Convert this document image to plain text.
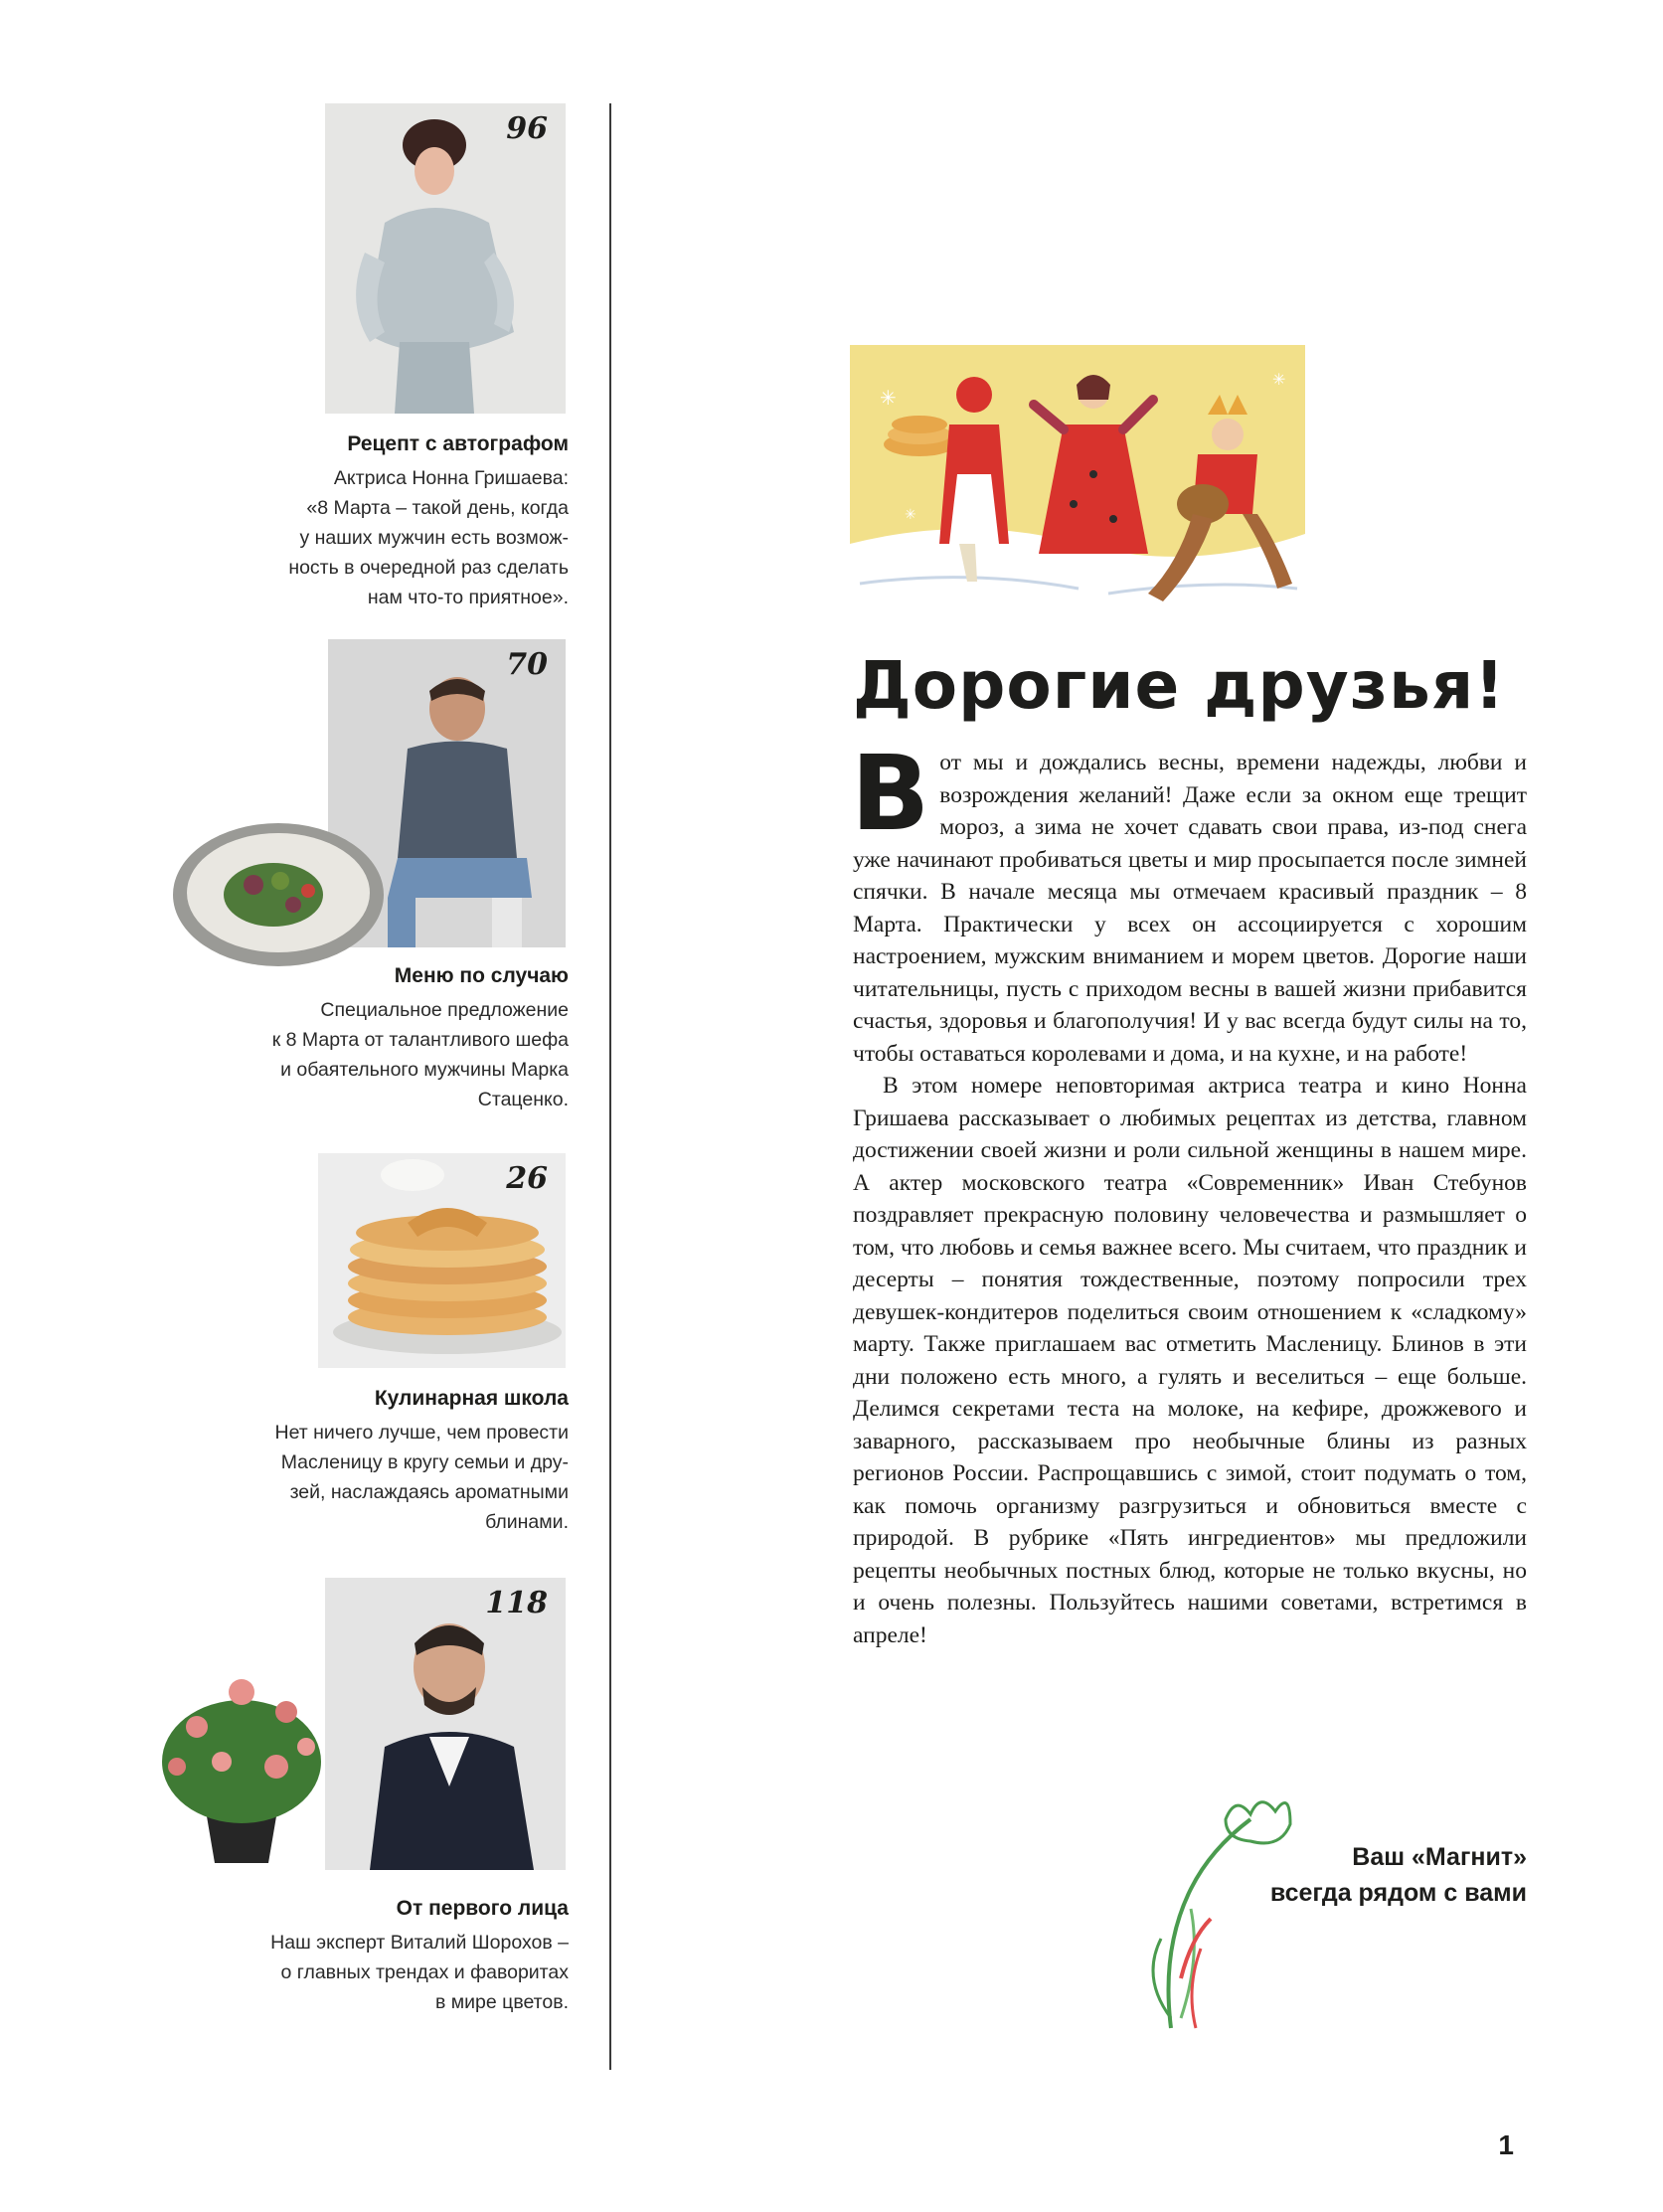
96
Рецепт с автографом

Актриса Нонна Гришаева:

«8 Марта – такой день, когда

у наших мужчин есть возмож-

ность в очередной раз сделать

нам что-то приятное».

70
Меню по случаю

Специальное предложение

к 8 Марта от талантливого шефа

и обаятельного мужчины Марка

Стаценко.

26
Кулинарная школа

Нет ничего лучше, чем провести

Масленицу в кругу семьи и дру-

зей, наслаждаясь ароматными

блинами.

118
От первого лица

Наш эксперт Виталий Шорохов –

о главных трендах и фаворитах

в мире цветов.

✳
✳
✳
Дорогие друзья!

Вот мы и дождались весны, времени надежды, любви и возрождения желаний! Даже если за окном еще трещит мороз, а зима не хочет сдавать свои права, из-под снега уже начинают пробиваться цветы и мир просыпается после зимней спячки. В начале месяца мы отмечаем красивый праздник – 8 Марта. Практически у всех он ассоциируется с хорошим настроением, мужским вниманием и морем цветов. Дорогие наши читательницы, пусть с приходом весны в вашей жизни прибавится счастья, здоровья и благополучия! И у вас всегда будут силы на то, чтобы оставаться королевами и дома, и на кухне, и на работе!

В этом номере неповторимая актриса театра и кино Нонна Гришаева рассказывает о любимых рецептах из детства, главном достижении своей жизни и роли сильной женщины в нашем мире. А актер московского театра «Современник» Иван Стебунов поздравляет прекрасную половину человечества и размышляет о том, что любовь и семья важнее всего. Мы считаем, что праздник и десерты – понятия тождественные, поэтому попросили трех девушек-кондитеров поделиться своим отношением к «сладкому» марту. Также приглашаем вас отметить Масленицу. Блинов в эти дни положено есть много, а гулять и веселиться – еще больше. Делимся секретами теста на молоке, на кефире, дрожжевого и заварного, рассказываем про необычные блины из разных регионов России. Распрощавшись с зимой, стоит подумать о том, как помочь организму разгрузиться и обновиться вместе с природой. В рубрике «Пять ингредиентов» мы предложили рецепты необычных постных блюд, которые не только вкусны, но и очень полезны. Пользуйтесь нашими советами, встретимся в апреле!

Ваш «Магнит»
всегда рядом с вами
1
